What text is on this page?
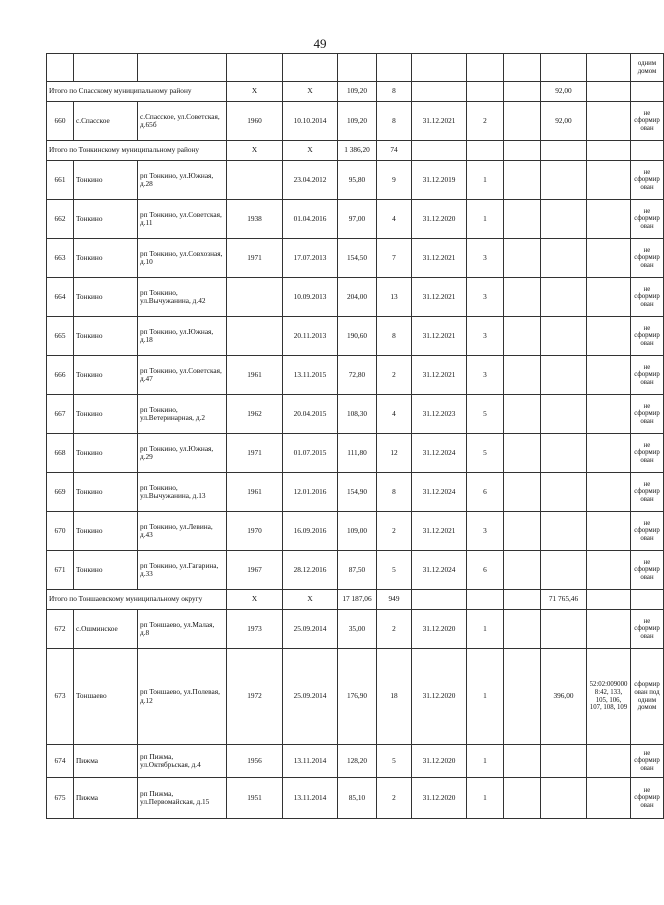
49
												одним домом
Итого по Спасскому муниципальному району			X	X	109,20	8				92,00		
660	с.Спасское	с.Спасское, ул.Советская, д.65б	1960	10.10.2014	109,20	8	31.12.2021	2		92,00		не сформирован
Итого по Тонкинскому муниципальному району			X	X	1 386,20	74						
661	Тонкино	рп Тонкино, ул.Южная, д.28		23.04.2012	95,80	9	31.12.2019	1				не сформирован
662	Тонкино	рп Тонкино, ул.Советская, д.11	1938	01.04.2016	97,00	4	31.12.2020	1				не сформирован
663	Тонкино	рп Тонкино, ул.Совхозная, д.10	1971	17.07.2013	154,50	7	31.12.2021	3				не сформирован
664	Тонкино	рп Тонкино, ул.Вычужанина, д.42		10.09.2013	204,00	13	31.12.2021	3				не сформирован
665	Тонкино	рп Тонкино, ул.Южная, д.18		20.11.2013	190,60	8	31.12.2021	3				не сформирован
666	Тонкино	рп Тонкино, ул.Советская, д.47	1961	13.11.2015	72,80	2	31.12.2021	3				не сформирован
667	Тонкино	рп Тонкино, ул.Ветеринарная, д.2	1962	20.04.2015	108,30	4	31.12.2023	5				не сформирован
668	Тонкино	рп Тонкино, ул.Южная, д.29	1971	01.07.2015	111,80	12	31.12.2024	5				не сформирован
669	Тонкино	рп Тонкино, ул.Вычужанина, д.13	1961	12.01.2016	154,90	8	31.12.2024	6				не сформирован
670	Тонкино	рп Тонкино, ул.Левина, д.43	1970	16.09.2016	109,00	2	31.12.2021	3				не сформирован
671	Тонкино	рп Тонкино, ул.Гагарина, д.33	1967	28.12.2016	87,50	5	31.12.2024	6				не сформирован
Итого по Тоншаевскому муниципальному округу			X	X	17 187,06	949				71 765,46		
672	с.Ошминское	рп Тоншаево, ул.Малая, д.8	1973	25.09.2014	35,00	2	31.12.2020	1				не сформирован
673	Тоншаево	рп Тоншаево, ул.Полевая, д.12	1972	25.09.2014	176,90	18	31.12.2020	1		396,00	52:02:0090008:42, 133, 105, 106, 107, 108, 109	сформирован под одним домом
674	Пижма	рп Пижма, ул.Октябрьская, д.4	1956	13.11.2014	128,20	5	31.12.2020	1				не сформирован
675	Пижма	рп Пижма, ул.Первомайская, д.15	1951	13.11.2014	85,10	2	31.12.2020	1				не сформирован
